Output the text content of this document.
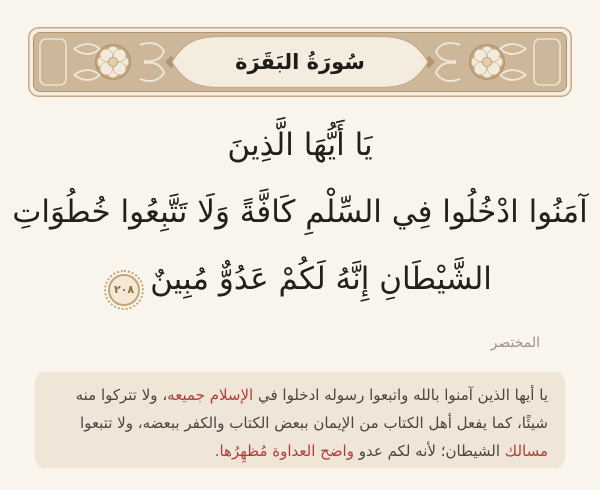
سُورَةُ البَقَرَة
يَا أَيُّهَا الَّذِينَ
آمَنُوا ادْخُلُوا فِي السِّلْمِ كَافَّةً وَلَا تَتَّبِعُوا خُطُوَاتِ
الشَّيْطَانِ إِنَّهُ لَكُمْ عَدُوٌّ مُبِينٌ٢٠٨
المختصر
يا أيها الذين آمنوا بالله واتبعوا رسوله ادخلوا في الإسلام جميعه، ولا تتركوا منه شيئًا، كما يفعل أهل الكتاب من الإيمان ببعض الكتاب والكفر ببعضه، ولا تتبعوا مسالك الشيطان؛ لأنه لكم عدو واضح العداوة مُظهِرُها.
